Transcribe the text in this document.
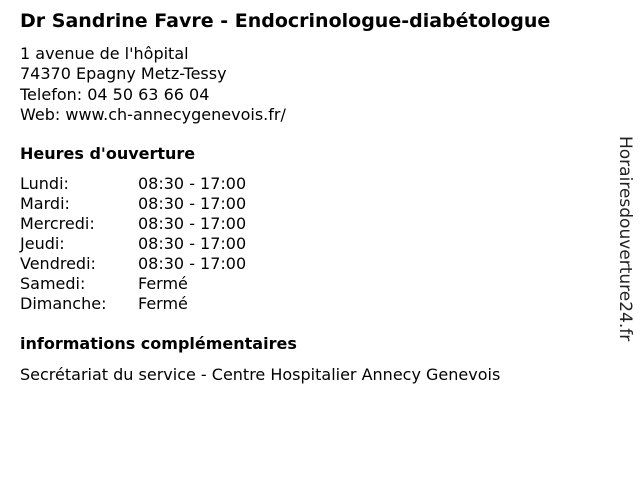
Dr Sandrine Favre - Endocrinologue-diabétologue
1 avenue de l'hôpital
74370 Epagny Metz-Tessy
Telefon: 04 50 63 66 04
Web: www.ch-annecygenevois.fr/
Heures d'ouverture
Lundi:	08:30 - 17:00
Mardi:	08:30 - 17:00
Mercredi:	08:30 - 17:00
Jeudi:	08:30 - 17:00
Vendredi:	08:30 - 17:00
Samedi:	Fermé
Dimanche:	Fermé
informations complémentaires
Secrétariat du service - Centre Hospitalier Annecy Genevois
Horairesdouverture24.fr
